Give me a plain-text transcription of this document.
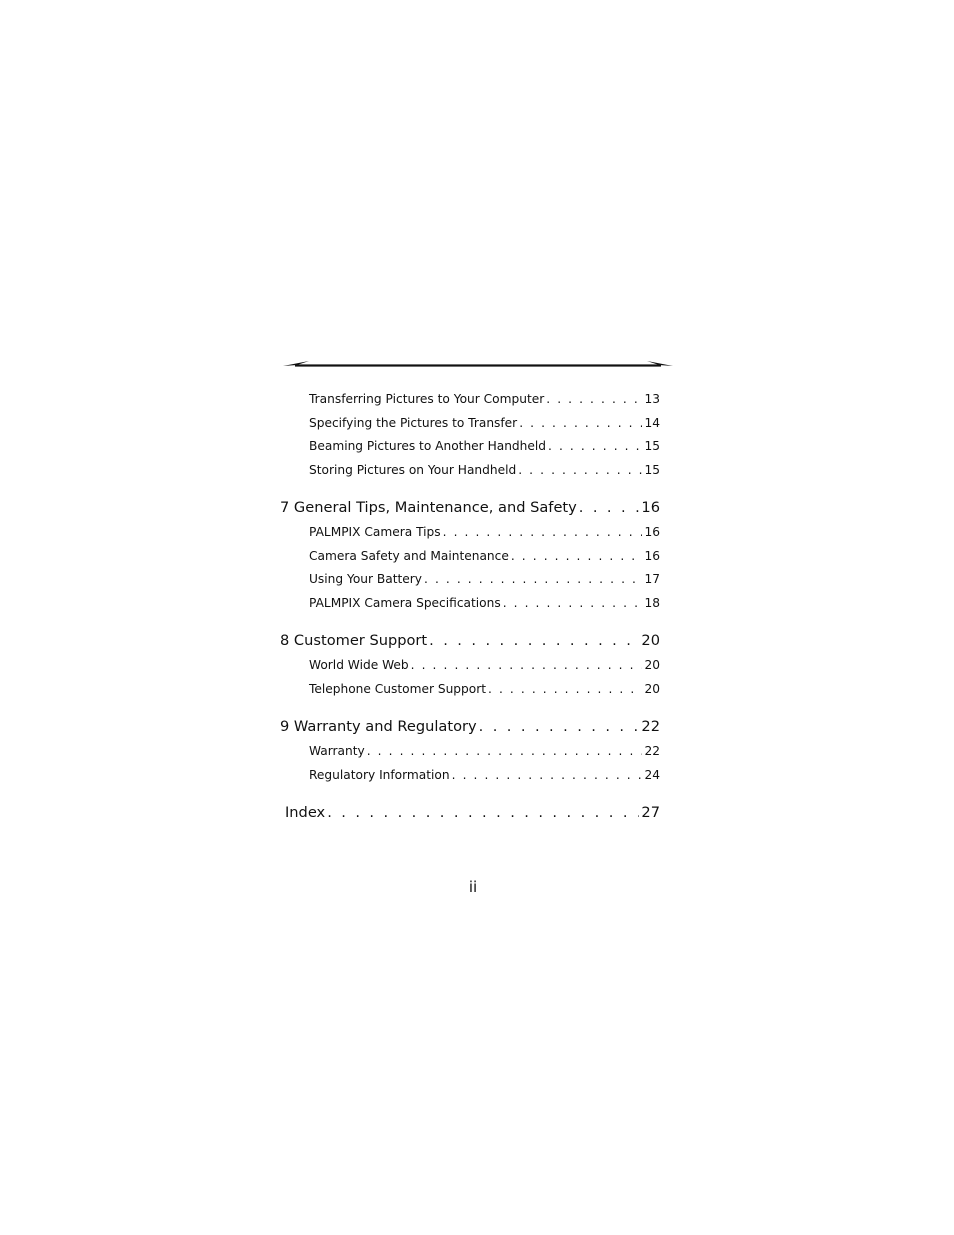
Transferring Pictures to Your Computer . . .	13
Specifying the Pictures to Transfer . . .	14
Beaming Pictures to Another Handheld . . .	15
Storing Pictures on Your Handheld . . .	15
7 General Tips, Maintenance, and Safety . . .	16
PALMPIX Camera Tips . . .	16
Camera Safety and Maintenance . . .	16
Using Your Battery . . .	17
PALMPIX Camera Specifications . . .	18
8 Customer Support . . .	20
World Wide Web . . .	20
Telephone Customer Support . . .	20
9 Warranty and Regulatory . . .	22
Warranty . . .	22
Regulatory Information . . .	24
Index . . .	27
ii
